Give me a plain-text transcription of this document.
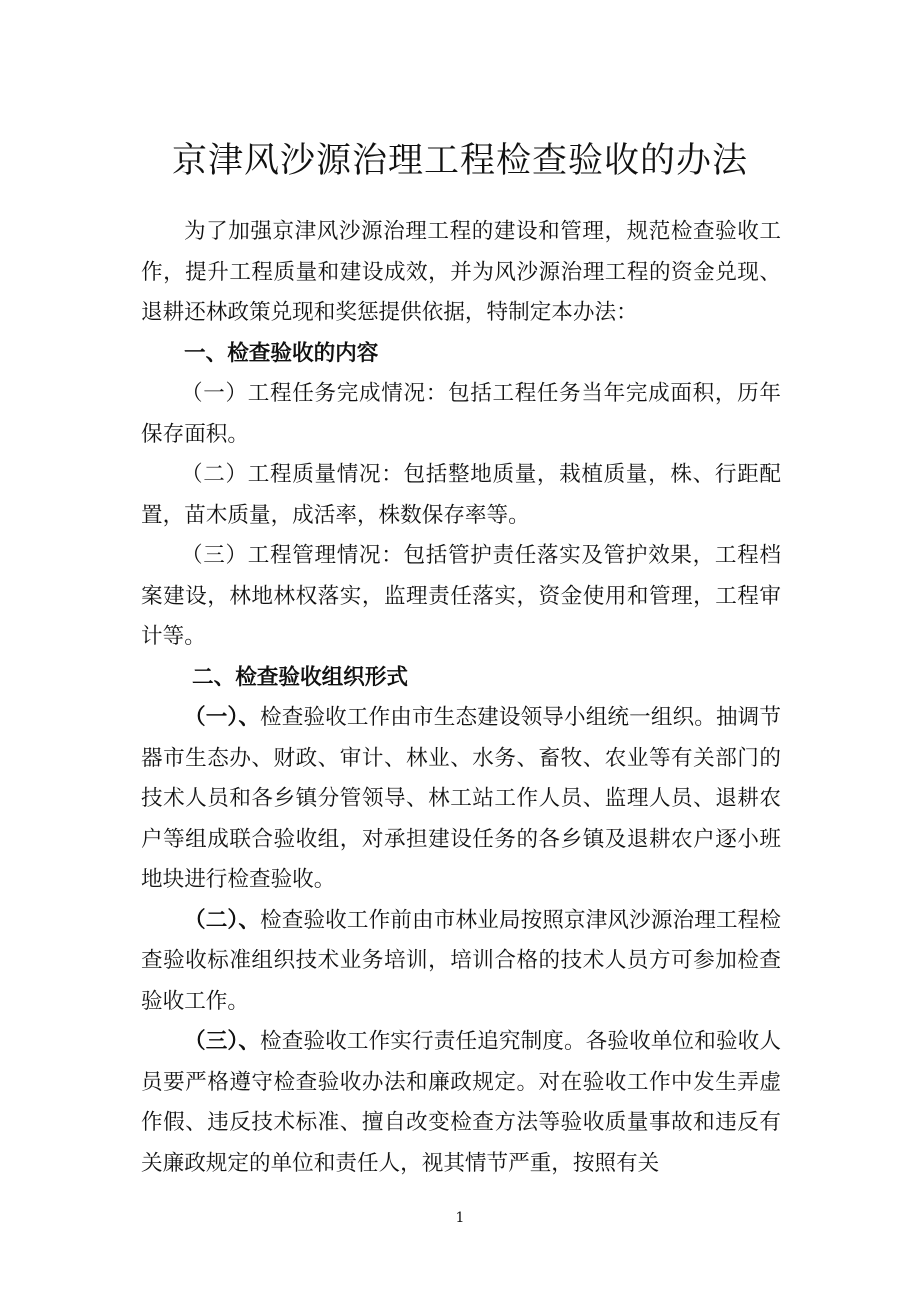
京津风沙源治理工程检查验收的办法

为了加强京津风沙源治理工程的建设和管理，规范检查验收工作，提升工程质量和建设成效，并为风沙源治理工程的资金兑现、退耕还林政策兑现和奖惩提供依据，特制定本办法：

一、检查验收的内容

（一）工程任务完成情况：包括工程任务当年完成面积，历年保存面积。

（二）工程质量情况：包括整地质量，栽植质量，株、行距配置，苗木质量，成活率，株数保存率等。

（三）工程管理情况：包括管护责任落实及管护效果，工程档案建设，林地林权落实，监理责任落实，资金使用和管理，工程审计等。

二、检查验收组织形式

（一）、检查验收工作由市生态建设领导小组统一组织。抽调节器市生态办、财政、审计、林业、水务、畜牧、农业等有关部门的技术人员和各乡镇分管领导、林工站工作人员、监理人员、退耕农户等组成联合验收组，对承担建设任务的各乡镇及退耕农户逐小班地块进行检查验收。

（二）、检查验收工作前由市林业局按照京津风沙源治理工程检查验收标准组织技术业务培训，培训合格的技术人员方可参加检查验收工作。

（三）、检查验收工作实行责任追究制度。各验收单位和验收人员要严格遵守检查验收办法和廉政规定。对在验收工作中发生弄虚作假、违反技术标准、擅自改变检查方法等验收质量事故和违反有关廉政规定的单位和责任人，视其情节严重，按照有关

1
